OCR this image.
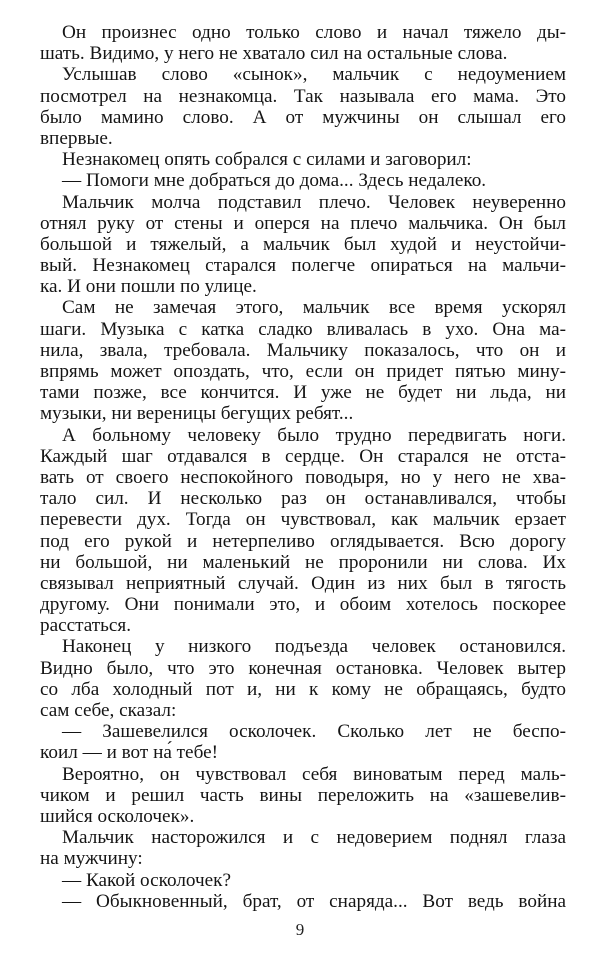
Он произнес одно только слово и начал тяжело ды-
шать. Видимо, у него не хватало сил на остальные слова.

Услышав слово «сынок», мальчик с недоумением
посмотрел на незнакомца. Так называла его мама. Это
было мамино слово. А от мужчины он слышал его
впервые.

Незнакомец опять собрался с силами и заговорил:

— Помоги мне добраться до дома... Здесь недалеко.

Мальчик молча подставил плечо. Человек неуверенно
отнял руку от стены и оперся на плечо мальчика. Он был
большой и тяжелый, а мальчик был худой и неустойчи-
вый. Незнакомец старался полегче опираться на мальчи-
ка. И они пошли по улице.

Сам не замечая этого, мальчик все время ускорял
шаги. Музыка с катка сладко вливалась в ухо. Она ма-
нила, звала, требовала. Мальчику показалось, что он и
впрямь может опоздать, что, если он придет пятью мину-
тами позже, все кончится. И уже не будет ни льда, ни
музыки, ни вереницы бегущих ребят...

А больному человеку было трудно передвигать ноги.
Каждый шаг отдавался в сердце. Он старался не отста-
вать от своего неспокойного поводыря, но у него не хва-
тало сил. И несколько раз он останавливался, чтобы
перевести дух. Тогда он чувствовал, как мальчик ерзает
под его рукой и нетерпеливо оглядывается. Всю дорогу
ни большой, ни маленький не проронили ни слова. Их
связывал неприятный случай. Один из них был в тягость
другому. Они понимали это, и обоим хотелось поскорее
расстаться.

Наконец у низкого подъезда человек остановился.
Видно было, что это конечная остановка. Человек вытер
со лба холодный пот и, ни к кому не обращаясь, будто
сам себе, сказал:

— Зашевелился осколочек. Сколько лет не беспо-
коил — и вот на́ тебе!

Вероятно, он чувствовал себя виноватым перед маль-
чиком и решил часть вины переложить на «зашевелив-
шийся осколочек».

Мальчик насторожился и с недоверием поднял глаза
на мужчину:

— Какой осколочек?

— Обыкновенный, брат, от снаряда... Вот ведь война

9
